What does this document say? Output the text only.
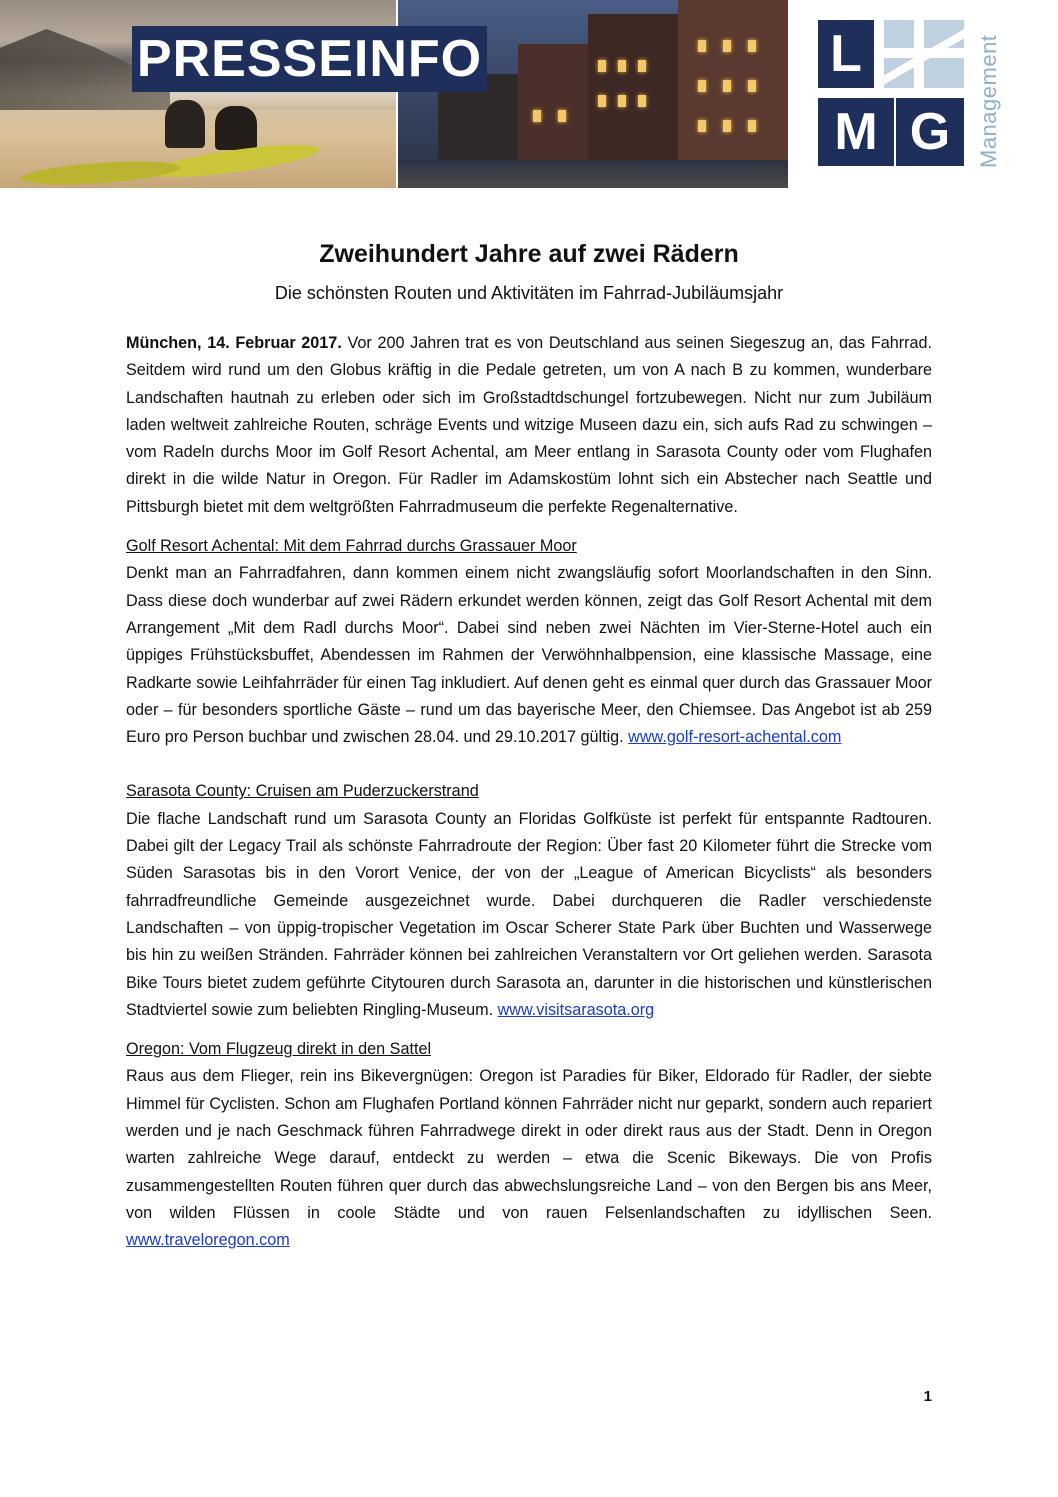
PRESSEINFO	L
M G	Management
Zweihundert Jahre auf zwei Rädern
Die schönsten Routen und Aktivitäten im Fahrrad-Jubiläumsjahr

München, 14. Februar 2017. Vor 200 Jahren trat es von Deutschland aus seinen Siegeszug an, das Fahrrad. Seitdem wird rund um den Globus kräftig in die Pedale getreten, um von A nach B zu kommen, wunderbare Landschaften hautnah zu erleben oder sich im Großstadtdschungel fortzubewegen. Nicht nur zum Jubiläum laden weltweit zahlreiche Routen, schräge Events und witzige Museen dazu ein, sich aufs Rad zu schwingen – vom Radeln durchs Moor im Golf Resort Achental, am Meer entlang in Sarasota County oder vom Flughafen direkt in die wilde Natur in Oregon. Für Radler im Adamskostüm lohnt sich ein Abstecher nach Seattle und Pittsburgh bietet mit dem weltgrößten Fahrradmuseum die perfekte Regenalternative.

Golf Resort Achental: Mit dem Fahrrad durchs Grassauer Moor

Denkt man an Fahrradfahren, dann kommen einem nicht zwangsläufig sofort Moorlandschaften in den Sinn. Dass diese doch wunderbar auf zwei Rädern erkundet werden können, zeigt das Golf Resort Achental mit dem Arrangement „Mit dem Radl durchs Moor“. Dabei sind neben zwei Nächten im Vier-Sterne-Hotel auch ein üppiges Frühstücksbuffet, Abendessen im Rahmen der Verwöhnhalbpension, eine klassische Massage, eine Radkarte sowie Leihfahrräder für einen Tag inkludiert. Auf denen geht es einmal quer durch das Grassauer Moor oder – für besonders sportliche Gäste – rund um das bayerische Meer, den Chiemsee. Das Angebot ist ab 259 Euro pro Person buchbar und zwischen 28.04. und 29.10.2017 gültig. www.golf-resort-achental.com

Sarasota County: Cruisen am Puderzuckerstrand

Die flache Landschaft rund um Sarasota County an Floridas Golfküste ist perfekt für entspannte Radtouren. Dabei gilt der Legacy Trail als schönste Fahrradroute der Region: Über fast 20 Kilometer führt die Strecke vom Süden Sarasotas bis in den Vorort Venice, der von der „League of American Bicyclists“ als besonders fahrradfreundliche Gemeinde ausgezeichnet wurde. Dabei durchqueren die Radler verschiedenste Landschaften – von üppig-tropischer Vegetation im Oscar Scherer State Park über Buchten und Wasserwege bis hin zu weißen Stränden. Fahrräder können bei zahlreichen Veranstaltern vor Ort geliehen werden. Sarasota Bike Tours bietet zudem geführte Citytouren durch Sarasota an, darunter in die historischen und künstlerischen Stadtviertel sowie zum beliebten Ringling-Museum. www.visitsarasota.org

Oregon: Vom Flugzeug direkt in den Sattel

Raus aus dem Flieger, rein ins Bikevergnügen: Oregon ist Paradies für Biker, Eldorado für Radler, der siebte Himmel für Cyclisten. Schon am Flughafen Portland können Fahrräder nicht nur geparkt, sondern auch repariert werden und je nach Geschmack führen Fahrradwege direkt in oder direkt raus aus der Stadt. Denn in Oregon warten zahlreiche Wege darauf, entdeckt zu werden – etwa die Scenic Bikeways. Die von Profis zusammengestellten Routen führen quer durch das abwechslungsreiche Land – von den Bergen bis ans Meer, von wilden Flüssen in coole Städte und von rauen Felsenlandschaften zu idyllischen Seen. www.traveloregon.com

1
